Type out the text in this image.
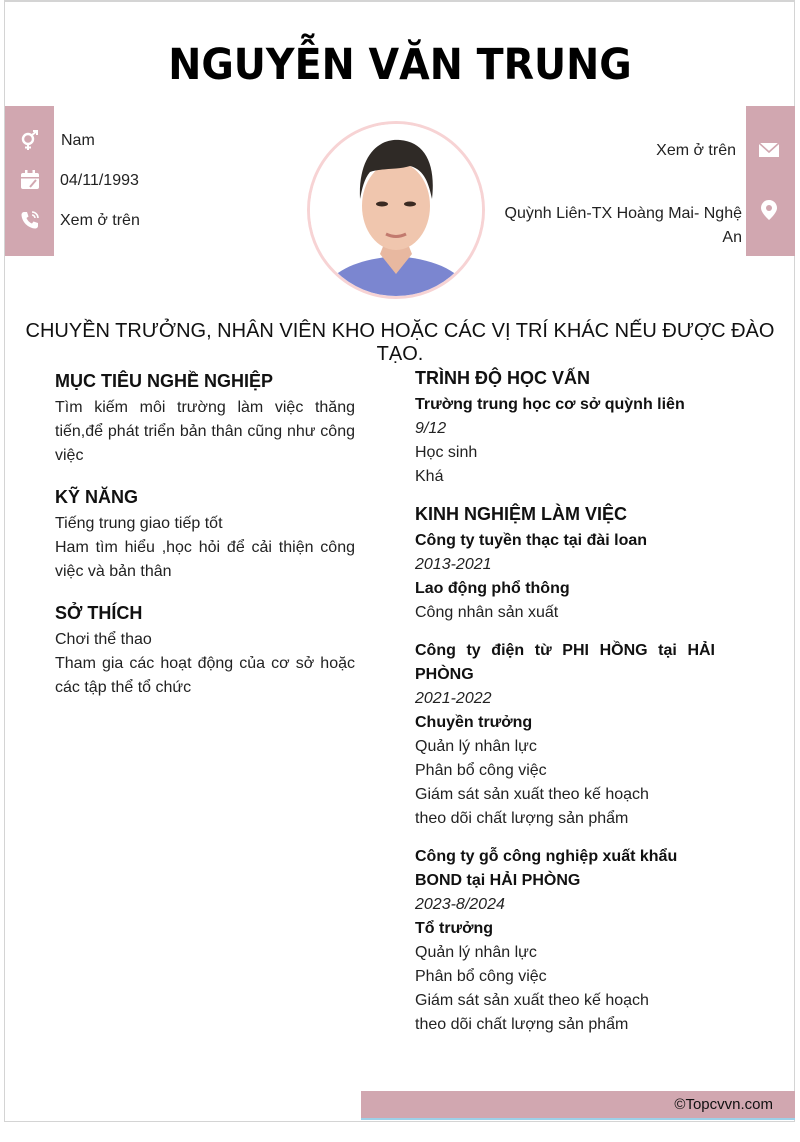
NGUYỄN VĂN TRUNG
Nam
04/11/1993
Xem ở trên
Xem ở trên
Quỳnh Liên-TX Hoàng Mai- Nghệ An
CHUYỀN TRƯỞNG, NHÂN VIÊN KHO HOẶC CÁC VỊ TRÍ KHÁC NẾU ĐƯỢC ĐÀO TẠO.
MỤC TIÊU NGHỀ NGHIỆP
Tìm kiếm môi trường làm việc thăng tiến,để phát triển bản thân cũng như công việc
KỸ NĂNG
Tiếng trung giao tiếp tốt
Ham tìm hiểu ,học hỏi để cải thiện công việc và bản thân
SỞ THÍCH
Chơi thể thao
Tham gia các hoạt động của cơ sở hoặc các tập thể tổ chức
TRÌNH ĐỘ HỌC VẤN
Trường trung học cơ sở quỳnh liên
9/12
Học sinh
Khá
KINH NGHIỆM LÀM VIỆC
Công ty tuyền thạc tại đài loan
2013-2021
Lao động phổ thông
Công nhân sản xuất
Công ty điện từ PHI HỒNG tại HẢI PHÒNG
2021-2022
Chuyền trưởng
Quản lý nhân lực
Phân bổ công việc
Giám sát sản xuất theo kế hoạch
theo dõi chất lượng sản phẩm
Công ty gỗ công nghiệp xuất khẩu BOND tại HẢI PHÒNG
2023-8/2024
Tổ trưởng
Quản lý nhân lực
Phân bổ công việc
Giám sát sản xuất theo kế hoạch
theo dõi chất lượng sản phẩm
©Topcvvn.com
